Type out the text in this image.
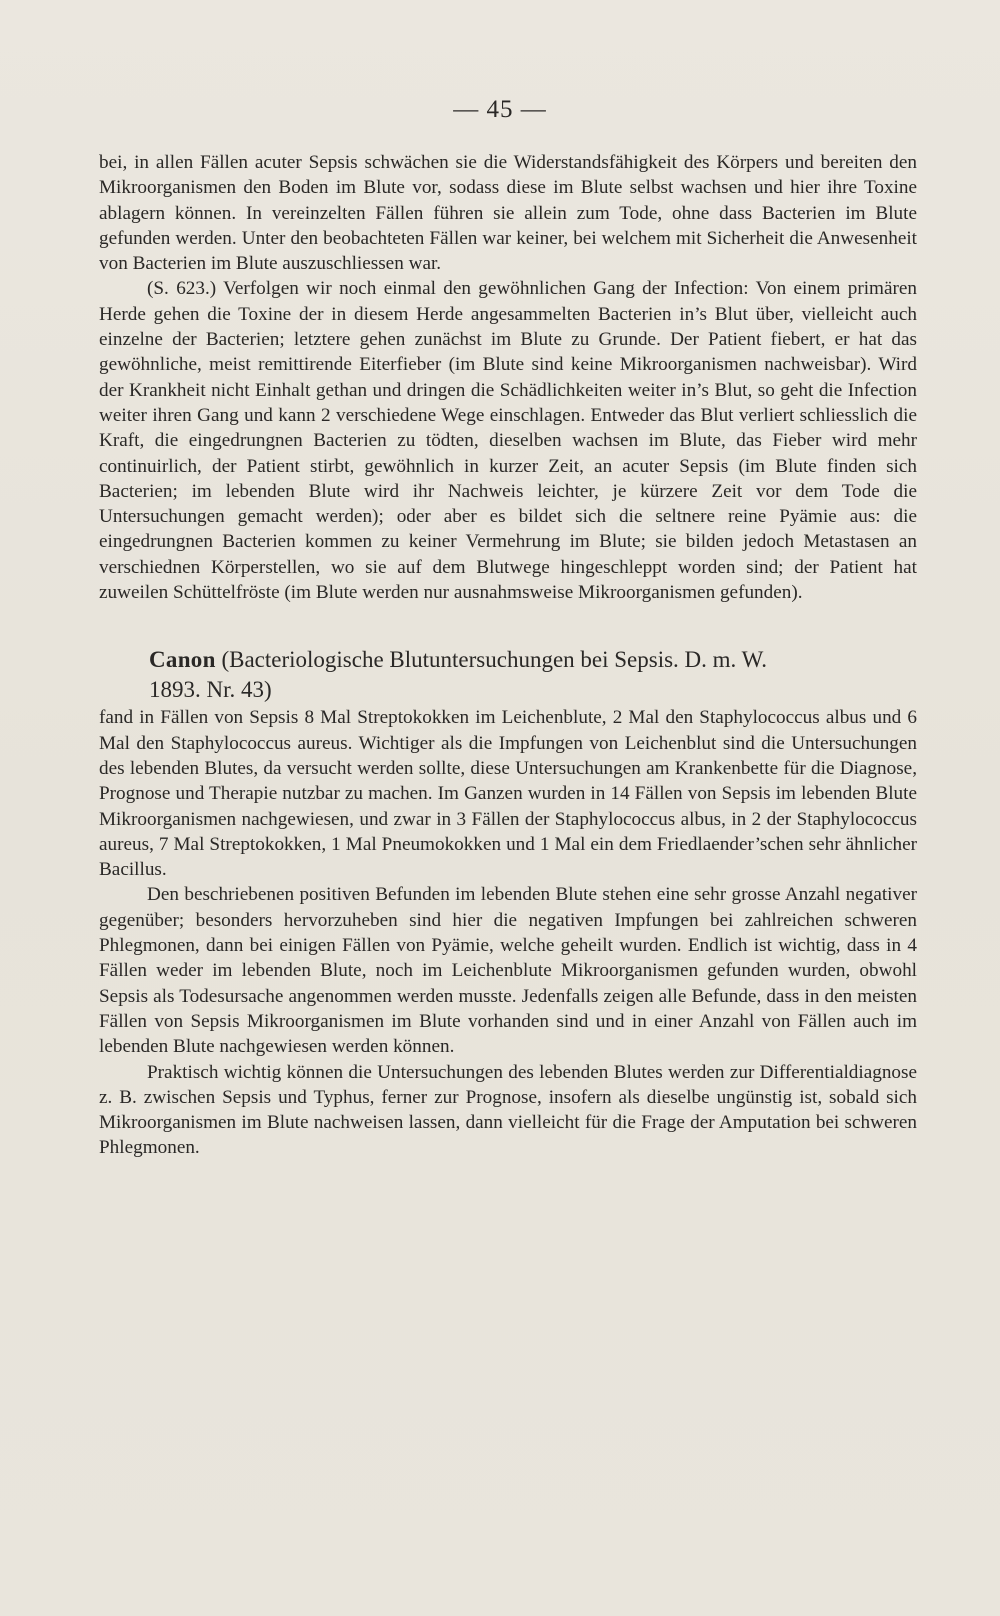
— 45 —

bei, in allen Fällen acuter Sepsis schwächen sie die Widerstandsfähigkeit des Körpers und bereiten den Mikroorganismen den Boden im Blute vor, sodass diese im Blute selbst wachsen und hier ihre Toxine ablagern können. In vereinzelten Fällen führen sie allein zum Tode, ohne dass Bacterien im Blute gefunden werden. Unter den beobachteten Fällen war keiner, bei welchem mit Sicherheit die Anwesenheit von Bacterien im Blute auszuschliessen war.

(S. 623.) Verfolgen wir noch einmal den gewöhnlichen Gang der Infection: Von einem primären Herde gehen die Toxine der in diesem Herde angesammelten Bacterien in’s Blut über, vielleicht auch einzelne der Bacterien; letztere gehen zunächst im Blute zu Grunde. Der Patient fiebert, er hat das gewöhnliche, meist remittirende Eiterfieber (im Blute sind keine Mikroorganismen nachweisbar). Wird der Krankheit nicht Einhalt gethan und dringen die Schädlichkeiten weiter in’s Blut, so geht die Infection weiter ihren Gang und kann 2 verschiedene Wege einschlagen. Entweder das Blut verliert schliesslich die Kraft, die eingedrungnen Bacterien zu tödten, dieselben wachsen im Blute, das Fieber wird mehr continuirlich, der Patient stirbt, gewöhnlich in kurzer Zeit, an acuter Sepsis (im Blute finden sich Bacterien; im lebenden Blute wird ihr Nachweis leichter, je kürzere Zeit vor dem Tode die Untersuchungen gemacht werden); oder aber es bildet sich die seltnere reine Pyämie aus: die eingedrungnen Bacterien kommen zu keiner Vermehrung im Blute; sie bilden jedoch Metastasen an verschiednen Körperstellen, wo sie auf dem Blutwege hingeschleppt worden sind; der Patient hat zuweilen Schüttelfröste (im Blute werden nur ausnahmsweise Mikroorganismen gefunden).

Canon (Bacteriologische Blutuntersuchungen bei Sepsis. D. m. W.
1893. Nr. 43)

fand in Fällen von Sepsis 8 Mal Streptokokken im Leichenblute, 2 Mal den Staphylococcus albus und 6 Mal den Staphylococcus aureus. Wichtiger als die Impfungen von Leichenblut sind die Untersuchungen des lebenden Blutes, da versucht werden sollte, diese Untersuchungen am Krankenbette für die Diagnose, Prognose und Therapie nutzbar zu machen. Im Ganzen wurden in 14 Fällen von Sepsis im lebenden Blute Mikroorganismen nachgewiesen, und zwar in 3 Fällen der Staphylococcus albus, in 2 der Staphylococcus aureus, 7 Mal Streptokokken, 1 Mal Pneumokokken und 1 Mal ein dem Friedlaender’schen sehr ähnlicher Bacillus.

Den beschriebenen positiven Befunden im lebenden Blute stehen eine sehr grosse Anzahl negativer gegenüber; besonders hervorzuheben sind hier die negativen Impfungen bei zahlreichen schweren Phlegmonen, dann bei einigen Fällen von Pyämie, welche geheilt wurden. Endlich ist wichtig, dass in 4 Fällen weder im lebenden Blute, noch im Leichenblute Mikroorganismen gefunden wurden, obwohl Sepsis als Todesursache angenommen werden musste. Jedenfalls zeigen alle Befunde, dass in den meisten Fällen von Sepsis Mikroorganismen im Blute vorhanden sind und in einer Anzahl von Fällen auch im lebenden Blute nachgewiesen werden können.

Praktisch wichtig können die Untersuchungen des lebenden Blutes werden zur Differentialdiagnose z. B. zwischen Sepsis und Typhus, ferner zur Prognose, insofern als dieselbe ungünstig ist, sobald sich Mikroorganismen im Blute nachweisen lassen, dann vielleicht für die Frage der Amputation bei schweren Phlegmonen.
